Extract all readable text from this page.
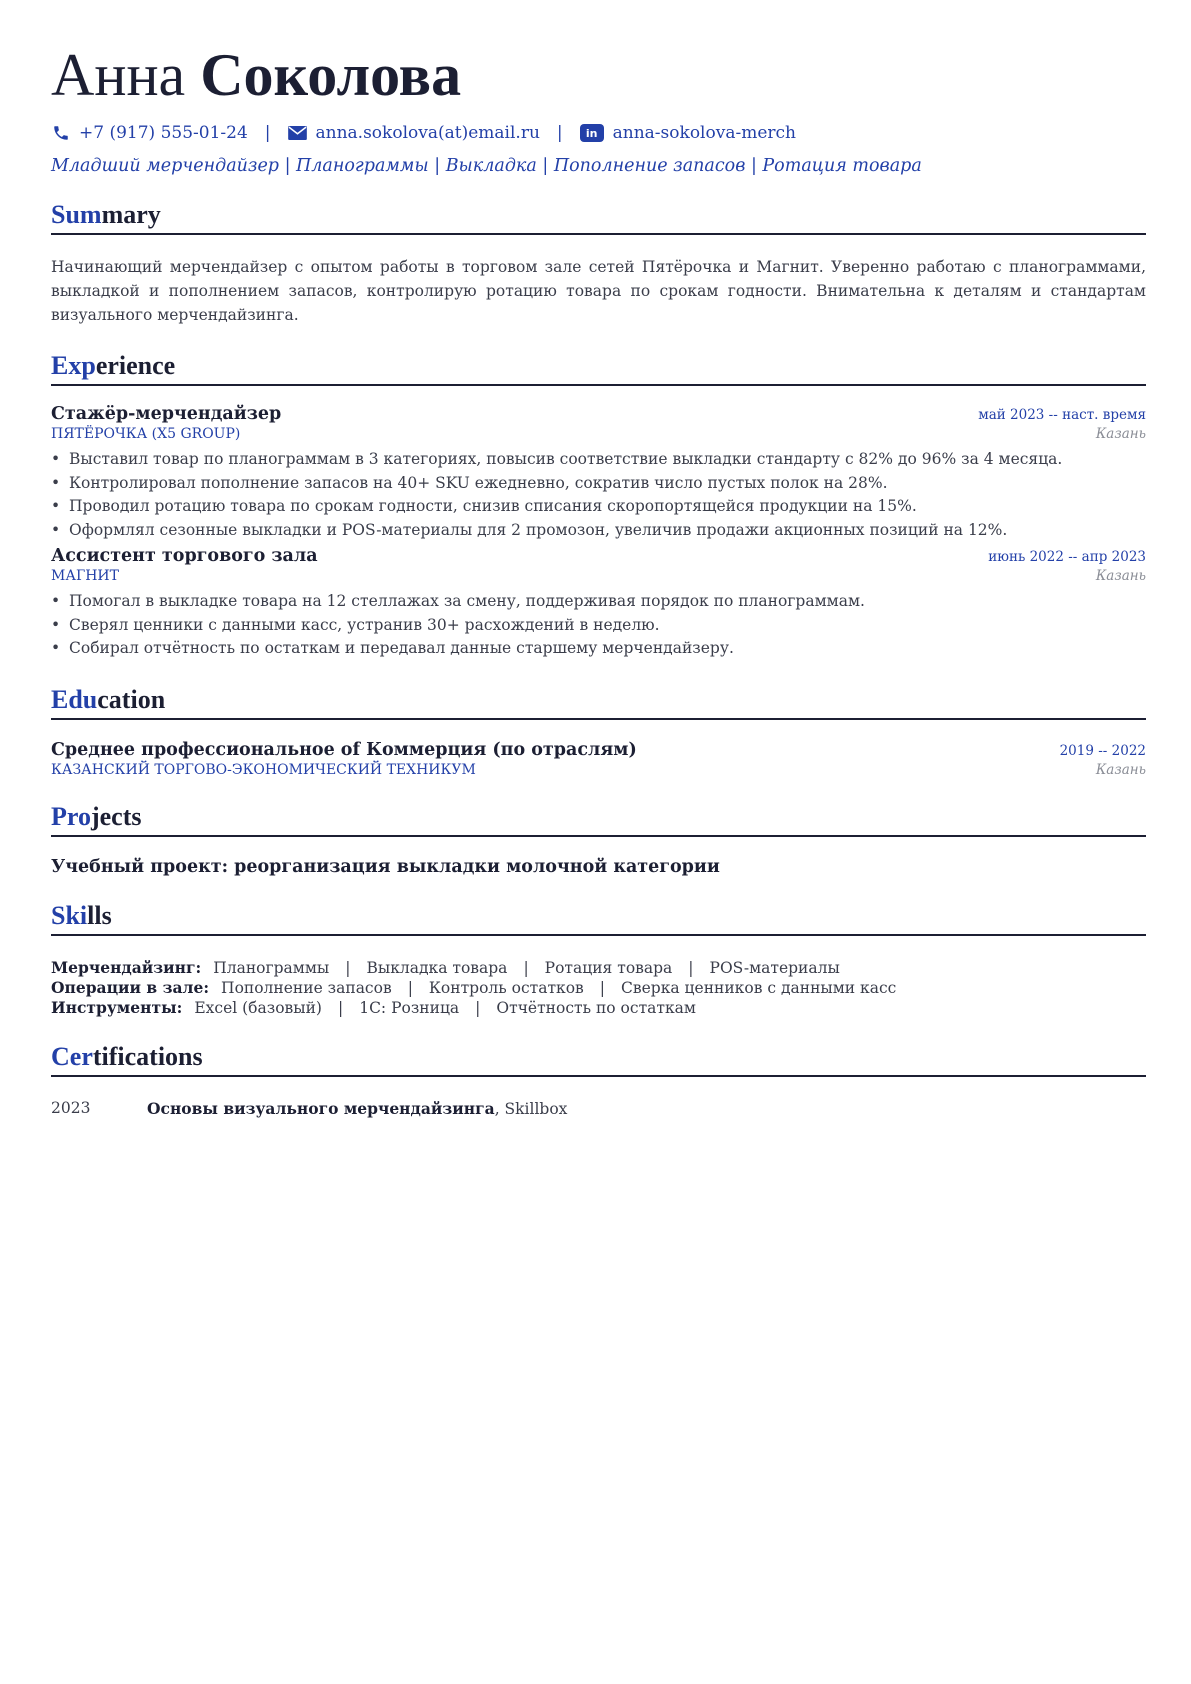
Анна Соколова
+7 (917) 555-01-24 |	anna.sokolova(at)email.ru |	in anna-sokolova-merch
Младший мерчендайзер | Планограммы | Выкладка | Пополнение запасов | Ротация товара
Summary

Начинающий мерчендайзер с опытом работы в торговом зале сетей Пятёрочка и Магнит. Уверенно работаю с планограммами, выкладкой и пополнением запасов, контролирую ротацию товара по срокам годности. Внимательна к деталям и стандартам визуального мерчендайзинга.

Experience
Стажёр-мерчендайзер	май 2023 -- наст. время
ПЯТЁРОЧКА (X5 GROUP)	Казань
• Выставил товар по планограммам в 3 категориях, повысив соответствие выкладки стандарту с 82% до 96% за 4 месяца.
• Контролировал пополнение запасов на 40+ SKU ежедневно, сократив число пустых полок на 28%.
• Проводил ротацию товара по срокам годности, снизив списания скоропортящейся продукции на 15%.
• Оформлял сезонные выкладки и POS-материалы для 2 промозон, увеличив продажи акционных позиций на 12%.
Ассистент торгового зала	июнь 2022 -- апр 2023
МАГНИТ	Казань
• Помогал в выкладке товара на 12 стеллажах за смену, поддерживая порядок по планограммам.
• Сверял ценники с данными касс, устранив 30+ расхождений в неделю.
• Собирал отчётность по остаткам и передавал данные старшему мерчендайзеру.
Education
Среднее профессиональное of Коммерция (по отраслям)	2019 -- 2022
КАЗАНСКИЙ ТОРГОВО-ЭКОНОМИЧЕСКИЙ ТЕХНИКУМ	Казань
Projects
Учебный проект: реорганизация выкладки молочной категории
Skills
Мерчендайзинг: Планограммы | Выкладка товара | Ротация товара | POS-материалы
Операции в зале: Пополнение запасов | Контроль остатков | Сверка ценников с данными касс
Инструменты: Excel (базовый) | 1С: Розница | Отчётность по остаткам
Certifications
2023	Основы визуального мерчендайзинга, Skillbox
